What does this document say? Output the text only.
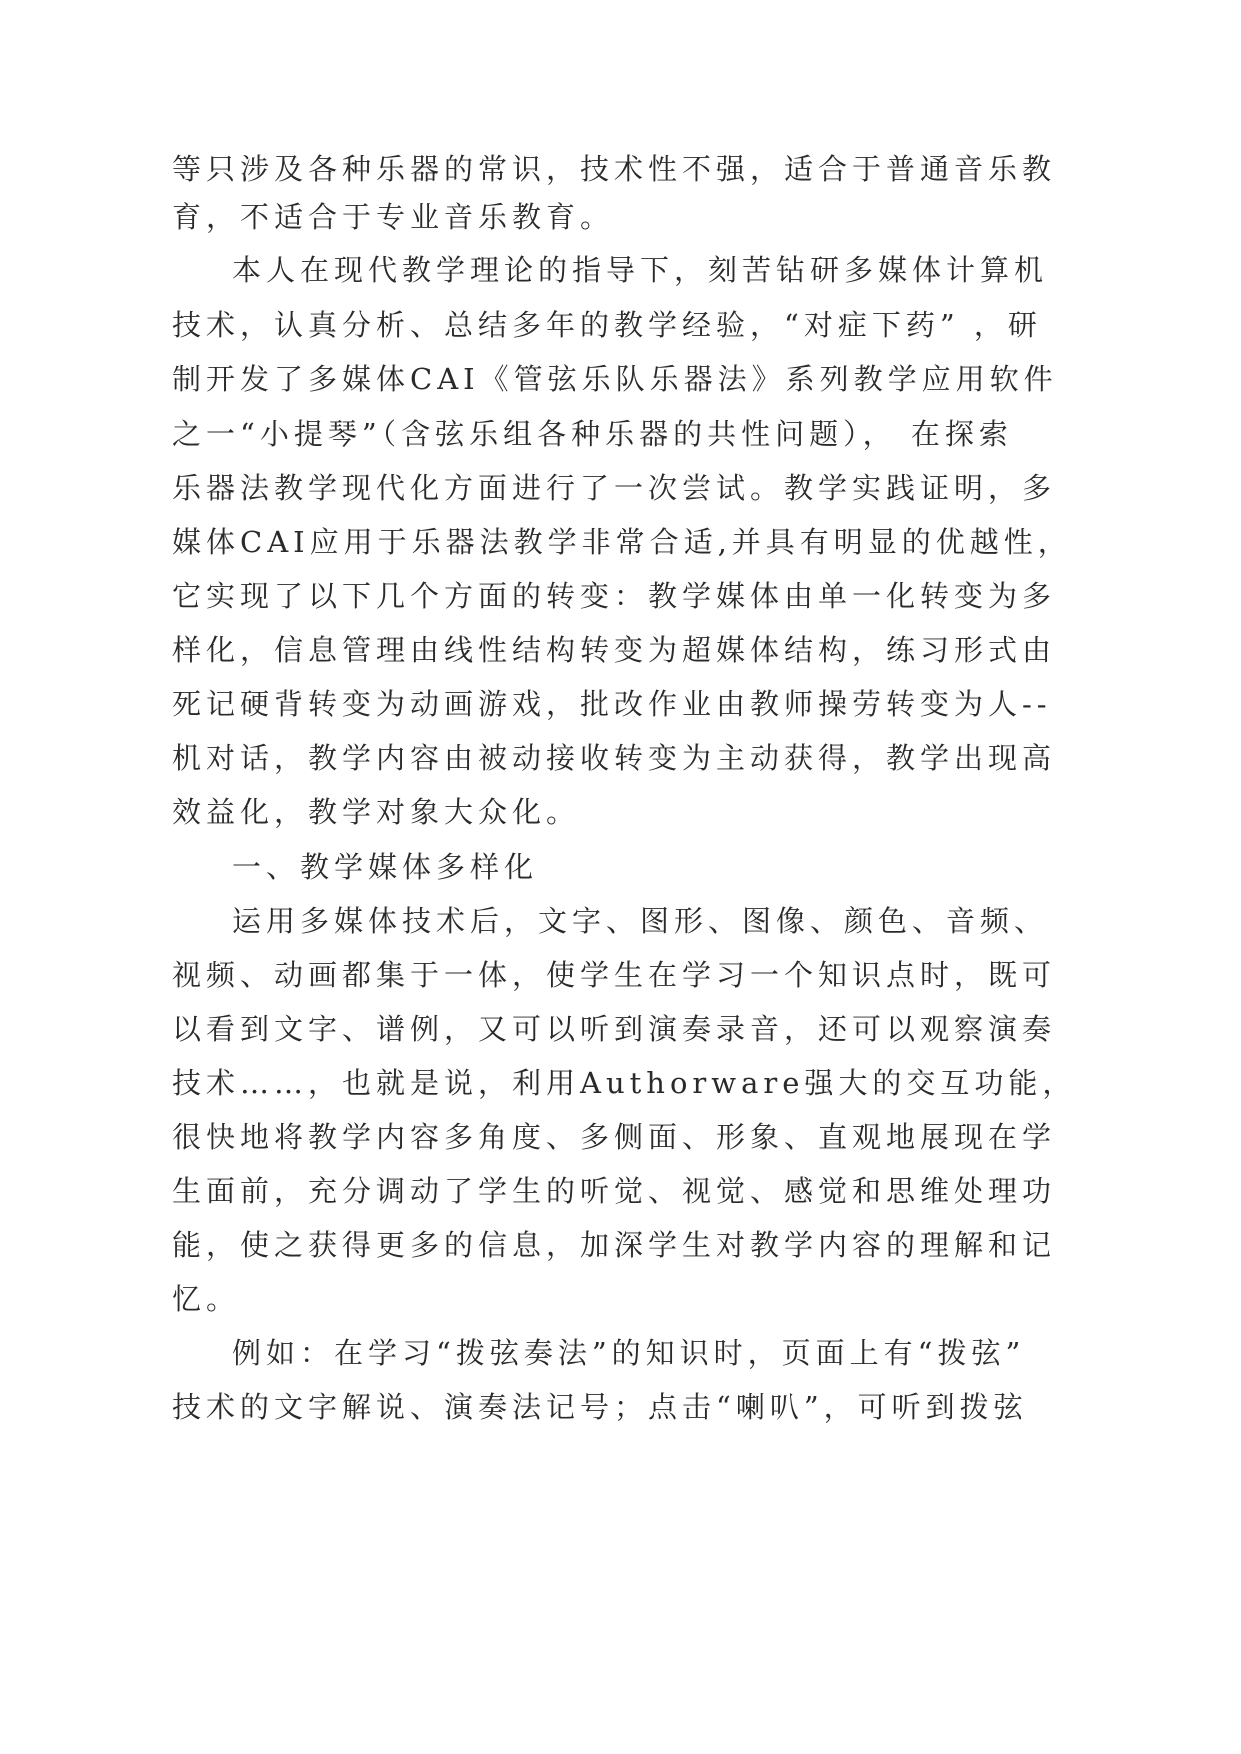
等只涉及各种乐器的常识，技术性不强，适合于普通音乐教

育，不适合于专业音乐教育。

本人在现代教学理论的指导下，刻苦钻研多媒体计算机

技术，认真分析、总结多年的教学经验，“对症下药” ，研

制开发了多媒体CAI《管弦乐队乐器法》系列教学应用软件

之一“小提琴”（含弦乐组各种乐器的共性问题）， 在探索

乐器法教学现代化方面进行了一次尝试。教学实践证明，多

媒体CAI应用于乐器法教学非常合适,并具有明显的优越性，

它实现了以下几个方面的转变：教学媒体由单一化转变为多

样化，信息管理由线性结构转变为超媒体结构，练习形式由

死记硬背转变为动画游戏，批改作业由教师操劳转变为人--

机对话，教学内容由被动接收转变为主动获得，教学出现高

效益化，教学对象大众化。

一、教学媒体多样化

运用多媒体技术后，文字、图形、图像、颜色、音频、

视频、动画都集于一体，使学生在学习一个知识点时，既可

以看到文字、谱例，又可以听到演奏录音，还可以观察演奏

技术……，也就是说，利用Authorware强大的交互功能，

很快地将教学内容多角度、多侧面、形象、直观地展现在学

生面前，充分调动了学生的听觉、视觉、感觉和思维处理功

能，使之获得更多的信息，加深学生对教学内容的理解和记

忆。

例如：在学习“拨弦奏法”的知识时，页面上有“拨弦”

技术的文字解说、演奏法记号；点击“喇叭”，可听到拨弦
